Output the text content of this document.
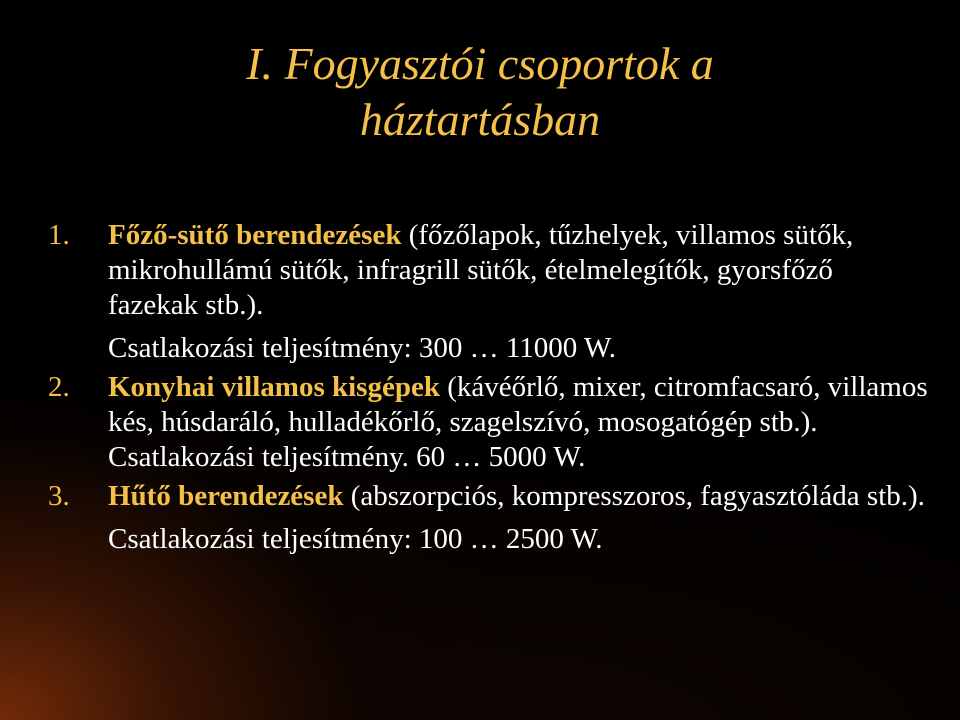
I. Fogyasztói csoportok a
háztartásban
1. Főző-sütő berendezések (főzőlapok, tűzhelyek, villamos sütők, mikrohullámú sütők, infragrill sütők, ételmelegítők, gyorsfőző fazekak stb.).
Csatlakozási teljesítmény: 300 … 11000 W.
2. Konyhai villamos kisgépek (kávéőrlő, mixer, citromfacsaró, villamos kés, húsdaráló, hulladékőrlő, szagelszívó, mosogatógép stb.). Csatlakozási teljesítmény. 60 … 5000 W.
3. Hűtő berendezések (abszorpciós, kompresszoros, fagyasztóláda stb.).
Csatlakozási teljesítmény: 100 … 2500 W.
